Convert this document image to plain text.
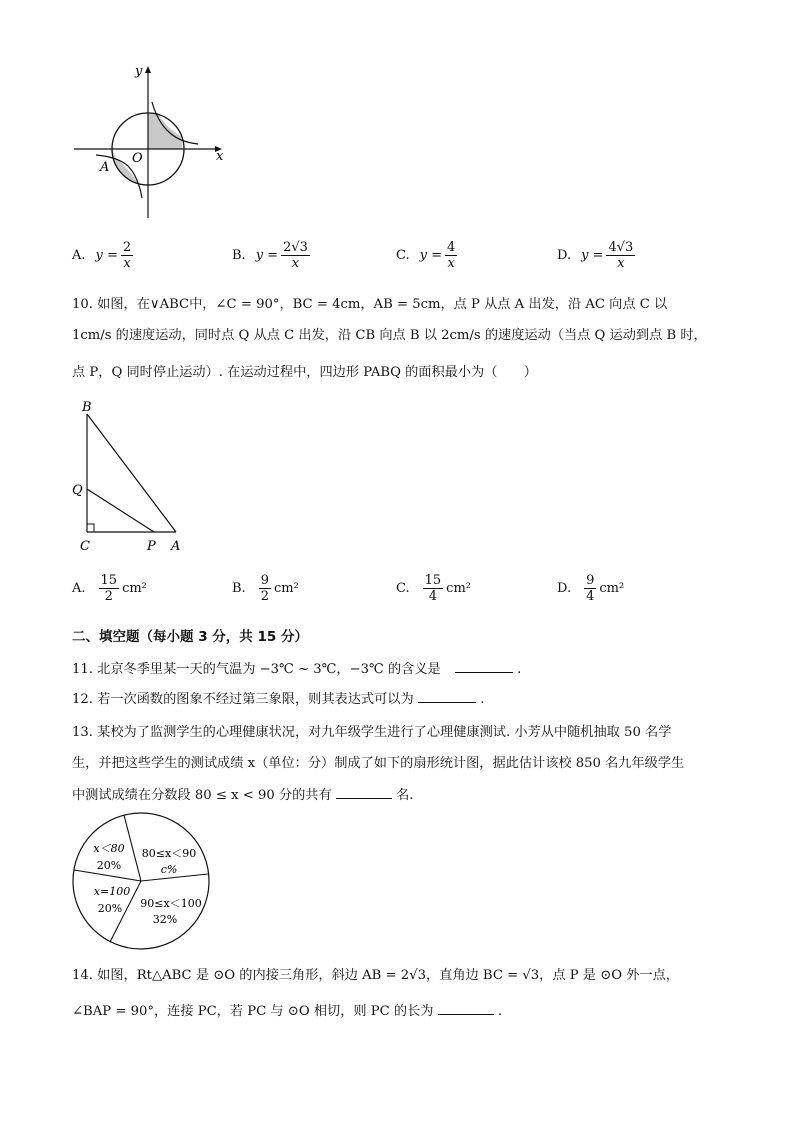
y
x
O
A
A. $y = \frac{2}{x}$	B. $y = \frac{2√3}{x}$	C. $y = \frac{4}{x}$	D. $y = \frac{4√3}{x}$
10. 如图，在∨ABC中，∠C = 90°，BC = 4cm，AB = 5cm，点 P 从点 A 出发，沿 AC 向点 C 以
1cm/s 的速度运动，同时点 Q 从点 C 出发，沿 CB 向点 B 以 2cm/s 的速度运动（当点 Q 运动到点 B 时，
点 P，Q 同时停止运动）. 在运动过程中，四边形 PABQ 的面积最小为（　　）
B
Q
C	P A
A. $\frac{15}{2} cm^2$	B. $\frac{9}{2} cm^2$	C. $\frac{15}{4} cm^2$	D. $\frac{9}{4} cm^2$
二、填空题（每小题 3 分，共 15 分）
11. 北京冬季里某一天的气温为 −3℃ ~ 3℃，−3℃ 的含义是	.
12. 若一次函数的图象不经过第三象限，则其表达式可以为	.
13. 某校为了监测学生的心理健康状况，对九年级学生进行了心理健康测试. 小芳从中随机抽取 50 名学
生，并把这些学生的测试成绩 x（单位：分）制成了如下的扇形统计图，据此估计该校 850 名九年级学生
中测试成绩在分数段 80 ≤ x < 90 分的共有	名.
x＜80
20%
80≤x＜90
c%
x=100
20% 90≤x＜100
32%
14. 如图，Rt△ABC 是 ⊙O 的内接三角形，斜边 AB = 2√3，直角边 BC = √3，点 P 是 ⊙O 外一点，
∠BAP = 90°，连接 PC，若 PC 与 ⊙O 相切，则 PC 的长为	.
